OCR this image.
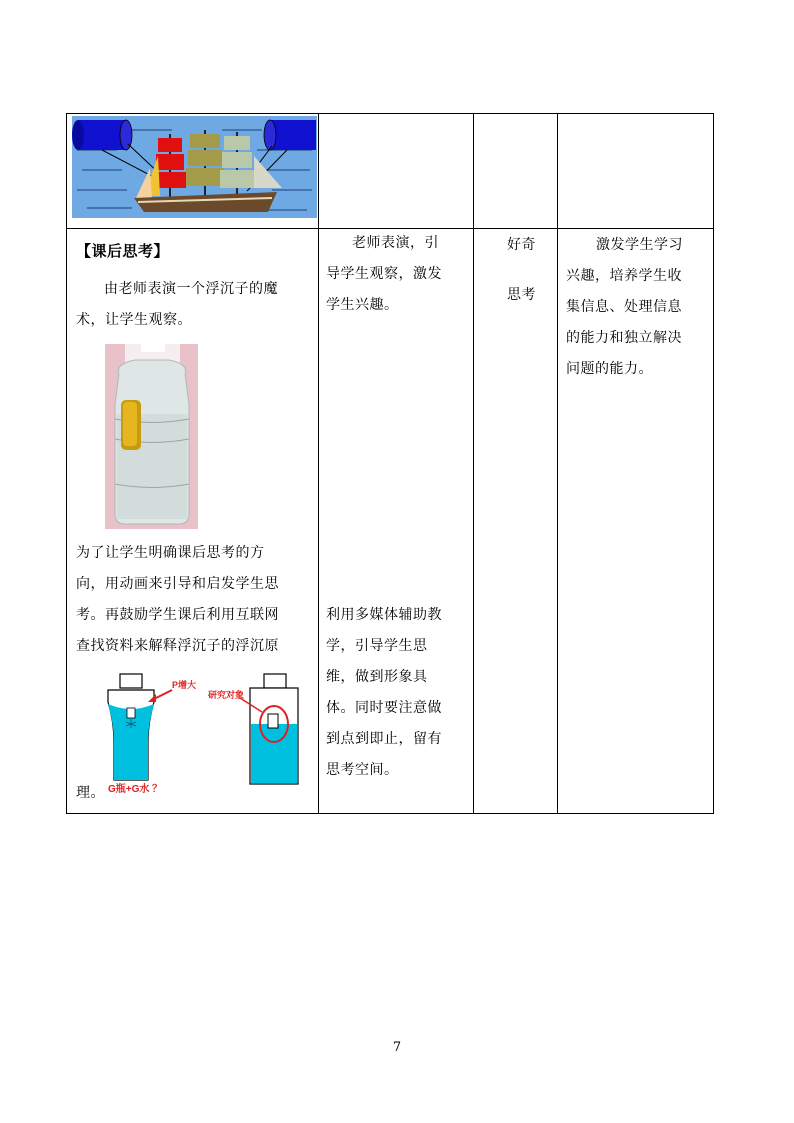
【课后思考】
由老师表演一个浮沉子的魔
术，让学生观察。
为了让学生明确课后思考的方
向，用动画来引导和启发学生思
考。再鼓励学生课后利用互联网
查找资料来解释浮沉子的浮沉原
理。
P增大
G瓶+G水 ？
研究对象
老师表演，引
导学生观察，激发
学生兴趣。
利用多媒体辅助教
学，引导学生思
维，做到形象具
体。同时要注意做
到点到即止，留有
思考空间。
好奇
思考
激发学生学习
兴趣，培养学生收
集信息、处理信息
的能力和独立解决
问题的能力。
7
